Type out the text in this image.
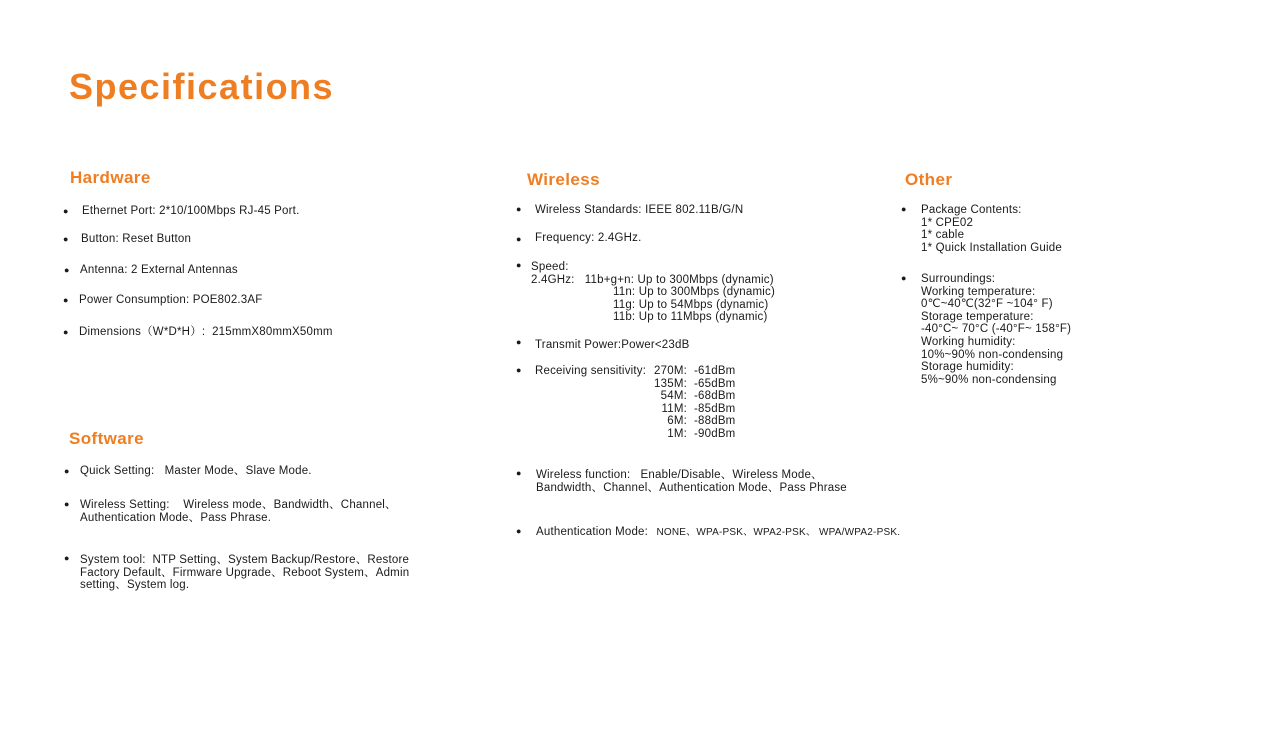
Specifications
Hardware
● Ethernet Port: 2*10/100Mbps RJ-45 Port.
● Button: Reset Button
● Antenna: 2 External Antennas
● Power Consumption: POE802.3AF
● Dimensions（W*D*H）:  215mmX80mmX50mm
Software
● Quick Setting:   Master Mode、Slave Mode.
● Wireless Setting:    Wireless mode、Bandwidth、Channel、
Authentication Mode、Pass Phrase.
● System tool:  NTP Setting、System Backup/Restore、Restore
Factory Default、Firmware Upgrade、Reboot System、Admin
setting、System log.
Wireless
● Wireless Standards: IEEE 802.11B/G/N
● Frequency: 2.4GHz.
● Speed:
2.4GHz:   11b+g+n: Up to 300Mbps (dynamic)
11n: Up to 300Mbps (dynamic)
11g: Up to 54Mbps (dynamic)
11b: Up to 11Mbps (dynamic)
● Transmit Power:Power<23dB
● Receiving sensitivity: 270M: -61dBm
135M: -65dBm
54M: -68dBm
11M: -85dBm
6M: -88dBm
1M: -90dBm
● Wireless function:   Enable/Disable、Wireless Mode、
Bandwidth、Channel、Authentication Mode、Pass Phrase
● Authentication Mode: NONE、WPA-PSK、WPA2-PSK、 WPA/WPA2-PSK.
Other
● Package Contents:
1* CPE02
1* cable
1* Quick Installation Guide
● Surroundings:
Working temperature:
0℃~40℃(32°F ~104° F)
Storage temperature:
-40°C~ 70°C (-40°F~ 158°F)
Working humidity:
10%~90% non-condensing
Storage humidity:
5%~90% non-condensing
